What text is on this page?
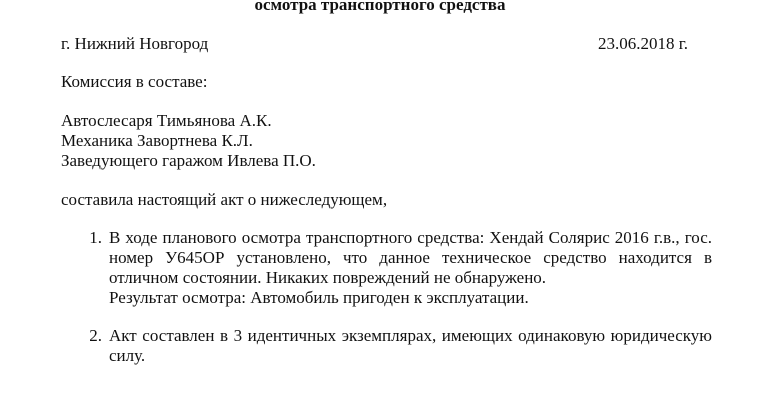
осмотра транспортного средства
г. Нижний Новгород	23.06.2018 г.
Комиссия в составе:
Автослесаря Тимьянова А.К.
Механика Завортнева К.Л.
Заведующего гаражом Ивлева П.О.
составила настоящий акт о нижеследующем,
1. В ходе планового осмотра транспортного средства: Хендай Солярис 2016 г.в., гос. номер У645ОР установлено, что данное техническое средство находится в отличном состоянии. Никаких повреждений не обнаружено.
Результат осмотра: Автомобиль пригоден к эксплуатации.
2. Акт составлен в 3 идентичных экземплярах, имеющих одинаковую юридическую силу.
